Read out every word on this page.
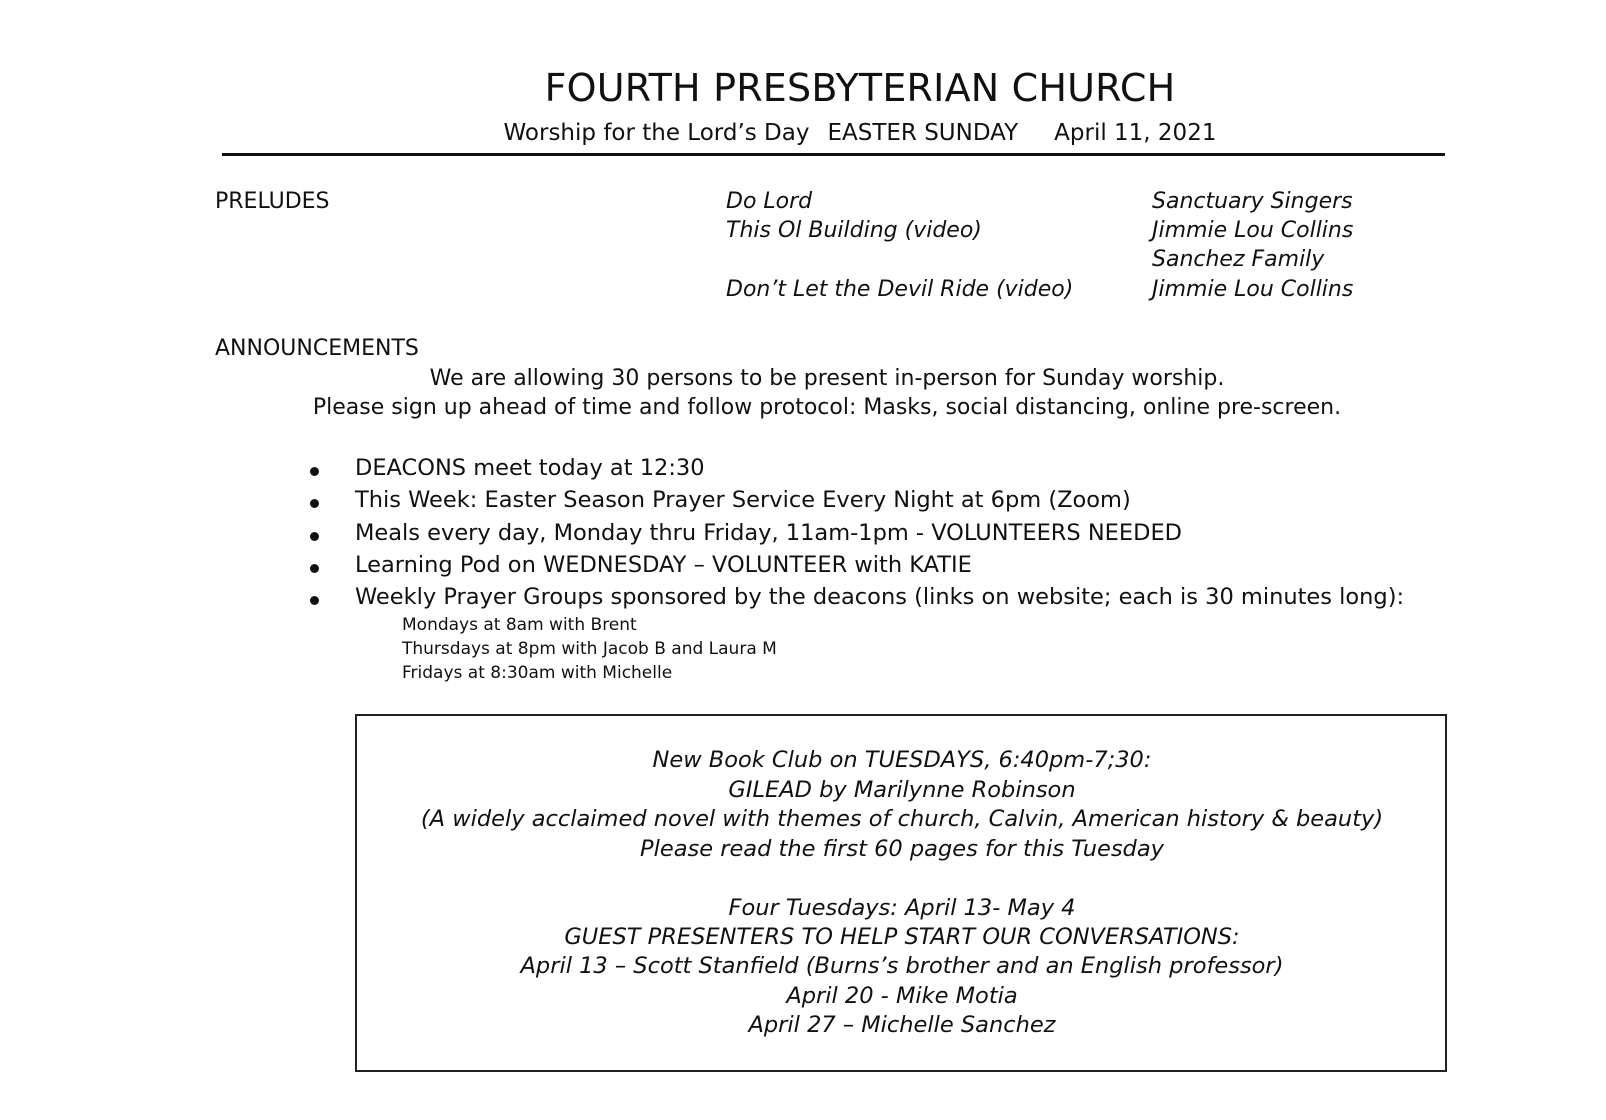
FOURTH PRESBYTERIAN CHURCH
Worship for the Lord’s Day EASTER SUNDAY April 11, 2021
PRELUDES	Do Lord	Sanctuary Singers
This Ol Building (video)	Jimmie Lou Collins
Sanchez Family
Don’t Let the Devil Ride (video)	Jimmie Lou Collins
ANNOUNCEMENTS
We are allowing 30 persons to be present in-person for Sunday worship.
Please sign up ahead of time and follow protocol: Masks, social distancing, online pre-screen.
DEACONS meet today at 12:30
This Week: Easter Season Prayer Service Every Night at 6pm (Zoom)
Meals every day, Monday thru Friday, 11am-1pm - VOLUNTEERS NEEDED
Learning Pod on WEDNESDAY – VOLUNTEER with KATIE
Weekly Prayer Groups sponsored by the deacons (links on website; each is 30 minutes long):
Mondays at 8am with Brent
Thursdays at 8pm with Jacob B and Laura M
Fridays at 8:30am with Michelle
New Book Club on TUESDAYS, 6:40pm-7;30:
GILEAD by Marilynne Robinson
(A widely acclaimed novel with themes of church, Calvin, American history & beauty)
Please read the first 60 pages for this Tuesday
Four Tuesdays: April 13- May 4
GUEST PRESENTERS TO HELP START OUR CONVERSATIONS:
April 13 – Scott Stanfield (Burns’s brother and an English professor)
April 20 - Mike Motia
April 27 – Michelle Sanchez
